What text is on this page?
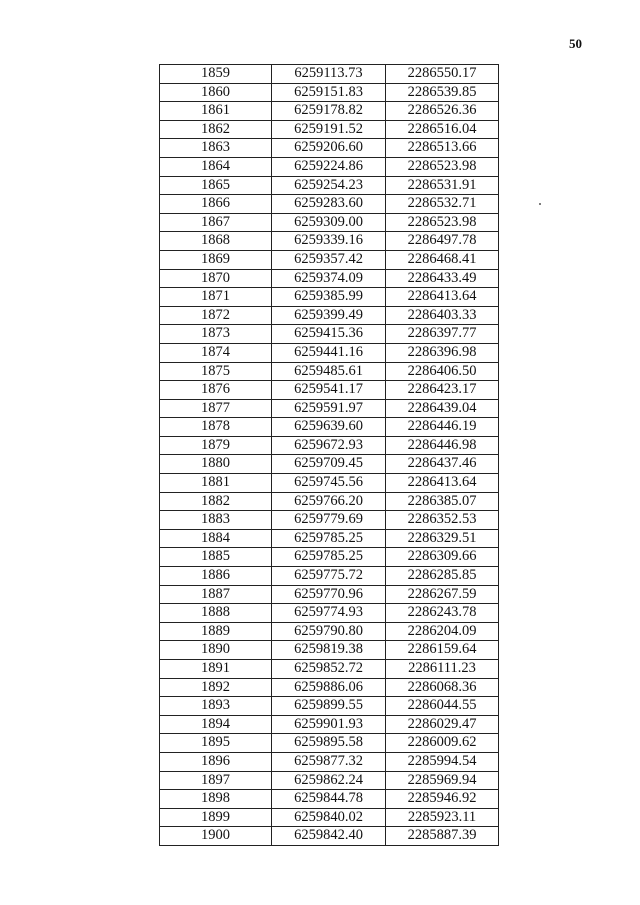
50
1859	6259113.73	2286550.17
1860	6259151.83	2286539.85
1861	6259178.82	2286526.36
1862	6259191.52	2286516.04
1863	6259206.60	2286513.66
1864	6259224.86	2286523.98
1865	6259254.23	2286531.91
1866	6259283.60	2286532.71
1867	6259309.00	2286523.98
1868	6259339.16	2286497.78
1869	6259357.42	2286468.41
1870	6259374.09	2286433.49
1871	6259385.99	2286413.64
1872	6259399.49	2286403.33
1873	6259415.36	2286397.77
1874	6259441.16	2286396.98
1875	6259485.61	2286406.50
1876	6259541.17	2286423.17
1877	6259591.97	2286439.04
1878	6259639.60	2286446.19
1879	6259672.93	2286446.98
1880	6259709.45	2286437.46
1881	6259745.56	2286413.64
1882	6259766.20	2286385.07
1883	6259779.69	2286352.53
1884	6259785.25	2286329.51
1885	6259785.25	2286309.66
1886	6259775.72	2286285.85
1887	6259770.96	2286267.59
1888	6259774.93	2286243.78
1889	6259790.80	2286204.09
1890	6259819.38	2286159.64
1891	6259852.72	2286111.23
1892	6259886.06	2286068.36
1893	6259899.55	2286044.55
1894	6259901.93	2286029.47
1895	6259895.58	2286009.62
1896	6259877.32	2285994.54
1897	6259862.24	2285969.94
1898	6259844.78	2285946.92
1899	6259840.02	2285923.11
1900	6259842.40	2285887.39
